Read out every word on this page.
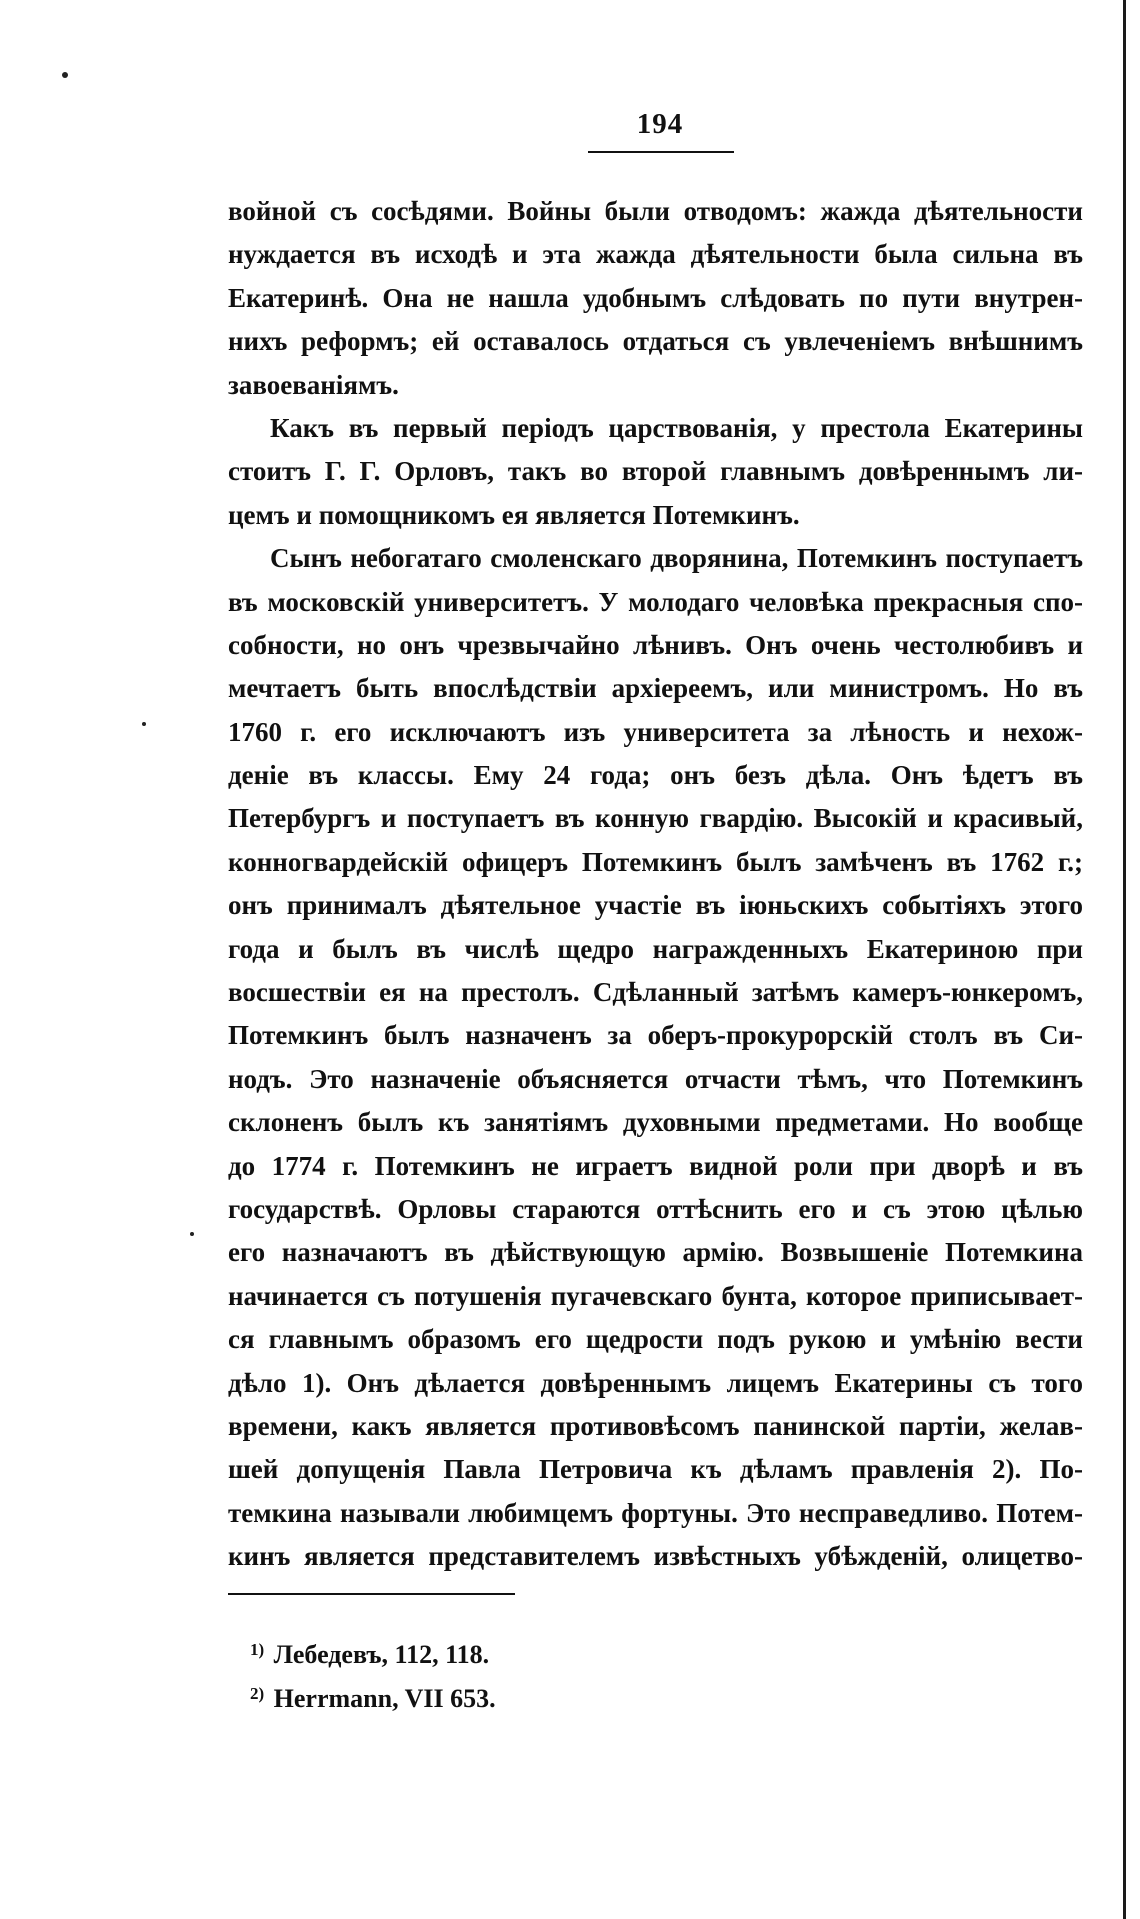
194
войной съ сосѣдями. Войны были отводомъ: жажда дѣятельности
нуждается въ исходѣ и эта жажда дѣятельности была сильна въ
Екатеринѣ. Она не нашла удобнымъ слѣдовать по пути внутрен-
нихъ реформъ; ей оставалось отдаться съ увлеченіемъ внѣшнимъ
завоеваніямъ.
Какъ въ первый періодъ царствованія, у престола Екатерины
стоитъ Г. Г. Орловъ, такъ во второй главнымъ довѣреннымъ ли-
цемъ и помощникомъ ея является Потемкинъ.
Сынъ небогатаго смоленскаго дворянина, Потемкинъ поступаетъ
въ московскій университетъ. У молодаго человѣка прекрасныя спо-
собности, но онъ чрезвычайно лѣнивъ. Онъ очень честолюбивъ и
мечтаетъ быть впослѣдствіи архіереемъ, или министромъ. Но въ
1760 г. его исключаютъ изъ университета за лѣность и нехож-
деніе въ классы. Ему 24 года; онъ безъ дѣла. Онъ ѣдетъ въ
Петербургъ и поступаетъ въ конную гвардію. Высокій и красивый,
конногвардейскій офицеръ Потемкинъ былъ замѣченъ въ 1762 г.;
онъ принималъ дѣятельное участіе въ іюньскихъ событіяхъ этого
года и былъ въ числѣ щедро награжденныхъ Екатериною при
восшествіи ея на престолъ. Сдѣланный затѣмъ камеръ-юнкеромъ,
Потемкинъ былъ назначенъ за оберъ-прокурорскій столъ въ Си-
нодъ. Это назначеніе объясняется отчасти тѣмъ, что Потемкинъ
склоненъ былъ къ занятіямъ духовными предметами. Но вообще
до 1774 г. Потемкинъ не играетъ видной роли при дворѣ и въ
государствѣ. Орловы стараются оттѣснить его и съ этою цѣлью
его назначаютъ въ дѣйствующую армію. Возвышеніе Потемкина
начинается съ потушенія пугачевскаго бунта, которое приписывает-
ся главнымъ образомъ его щедрости подъ рукою и умѣнію вести
дѣло 1). Онъ дѣлается довѣреннымъ лицемъ Екатерины съ того
времени, какъ является противовѣсомъ панинской партіи, желав-
шей допущенія Павла Петровича къ дѣламъ правленія 2). По-
темкина называли любимцемъ фортуны. Это несправедливо. Потем-
кинъ является представителемъ извѣстныхъ убѣжденій, олицетво-
$^{1)}$ Лебедевъ, 112, 118.
$^{2)}$ Herrmann, VII 653.
